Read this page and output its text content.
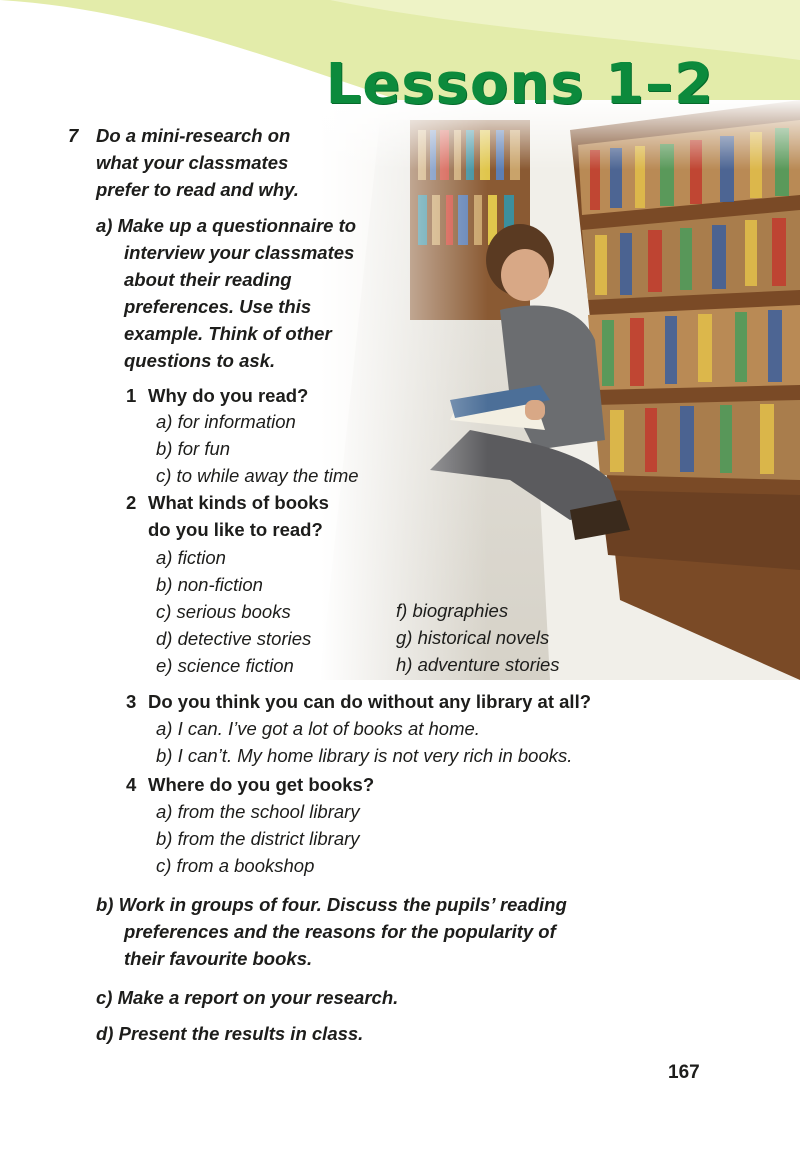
Lessons 1–2
7 Do a mini-research on
what your classmates
prefer to read and why.
a) Make up a questionnaire to
interview your classmates
about their reading
preferences. Use this
example. Think of other
questions to ask.
1 Why do you read?
a) for information
b) for fun
c) to while away the time
2 What kinds of books
do you like to read?
a) fiction
b) non-fiction
c) serious books
d) detective stories
e) science fiction
f) biographies
g) historical novels
h) adventure stories
3 Do you think you can do without any library at all?
a) I can. I’ve got a lot of books at home.
b) I can’t. My home library is not very rich in books.
4 Where do you get books?
a) from the school library
b) from the district library
c) from a bookshop
b) Work in groups of four. Discuss the pupils’ reading
preferences and the reasons for the popularity of
their favourite books.
c) Make a report on your research.
d) Present the results in class.
167
